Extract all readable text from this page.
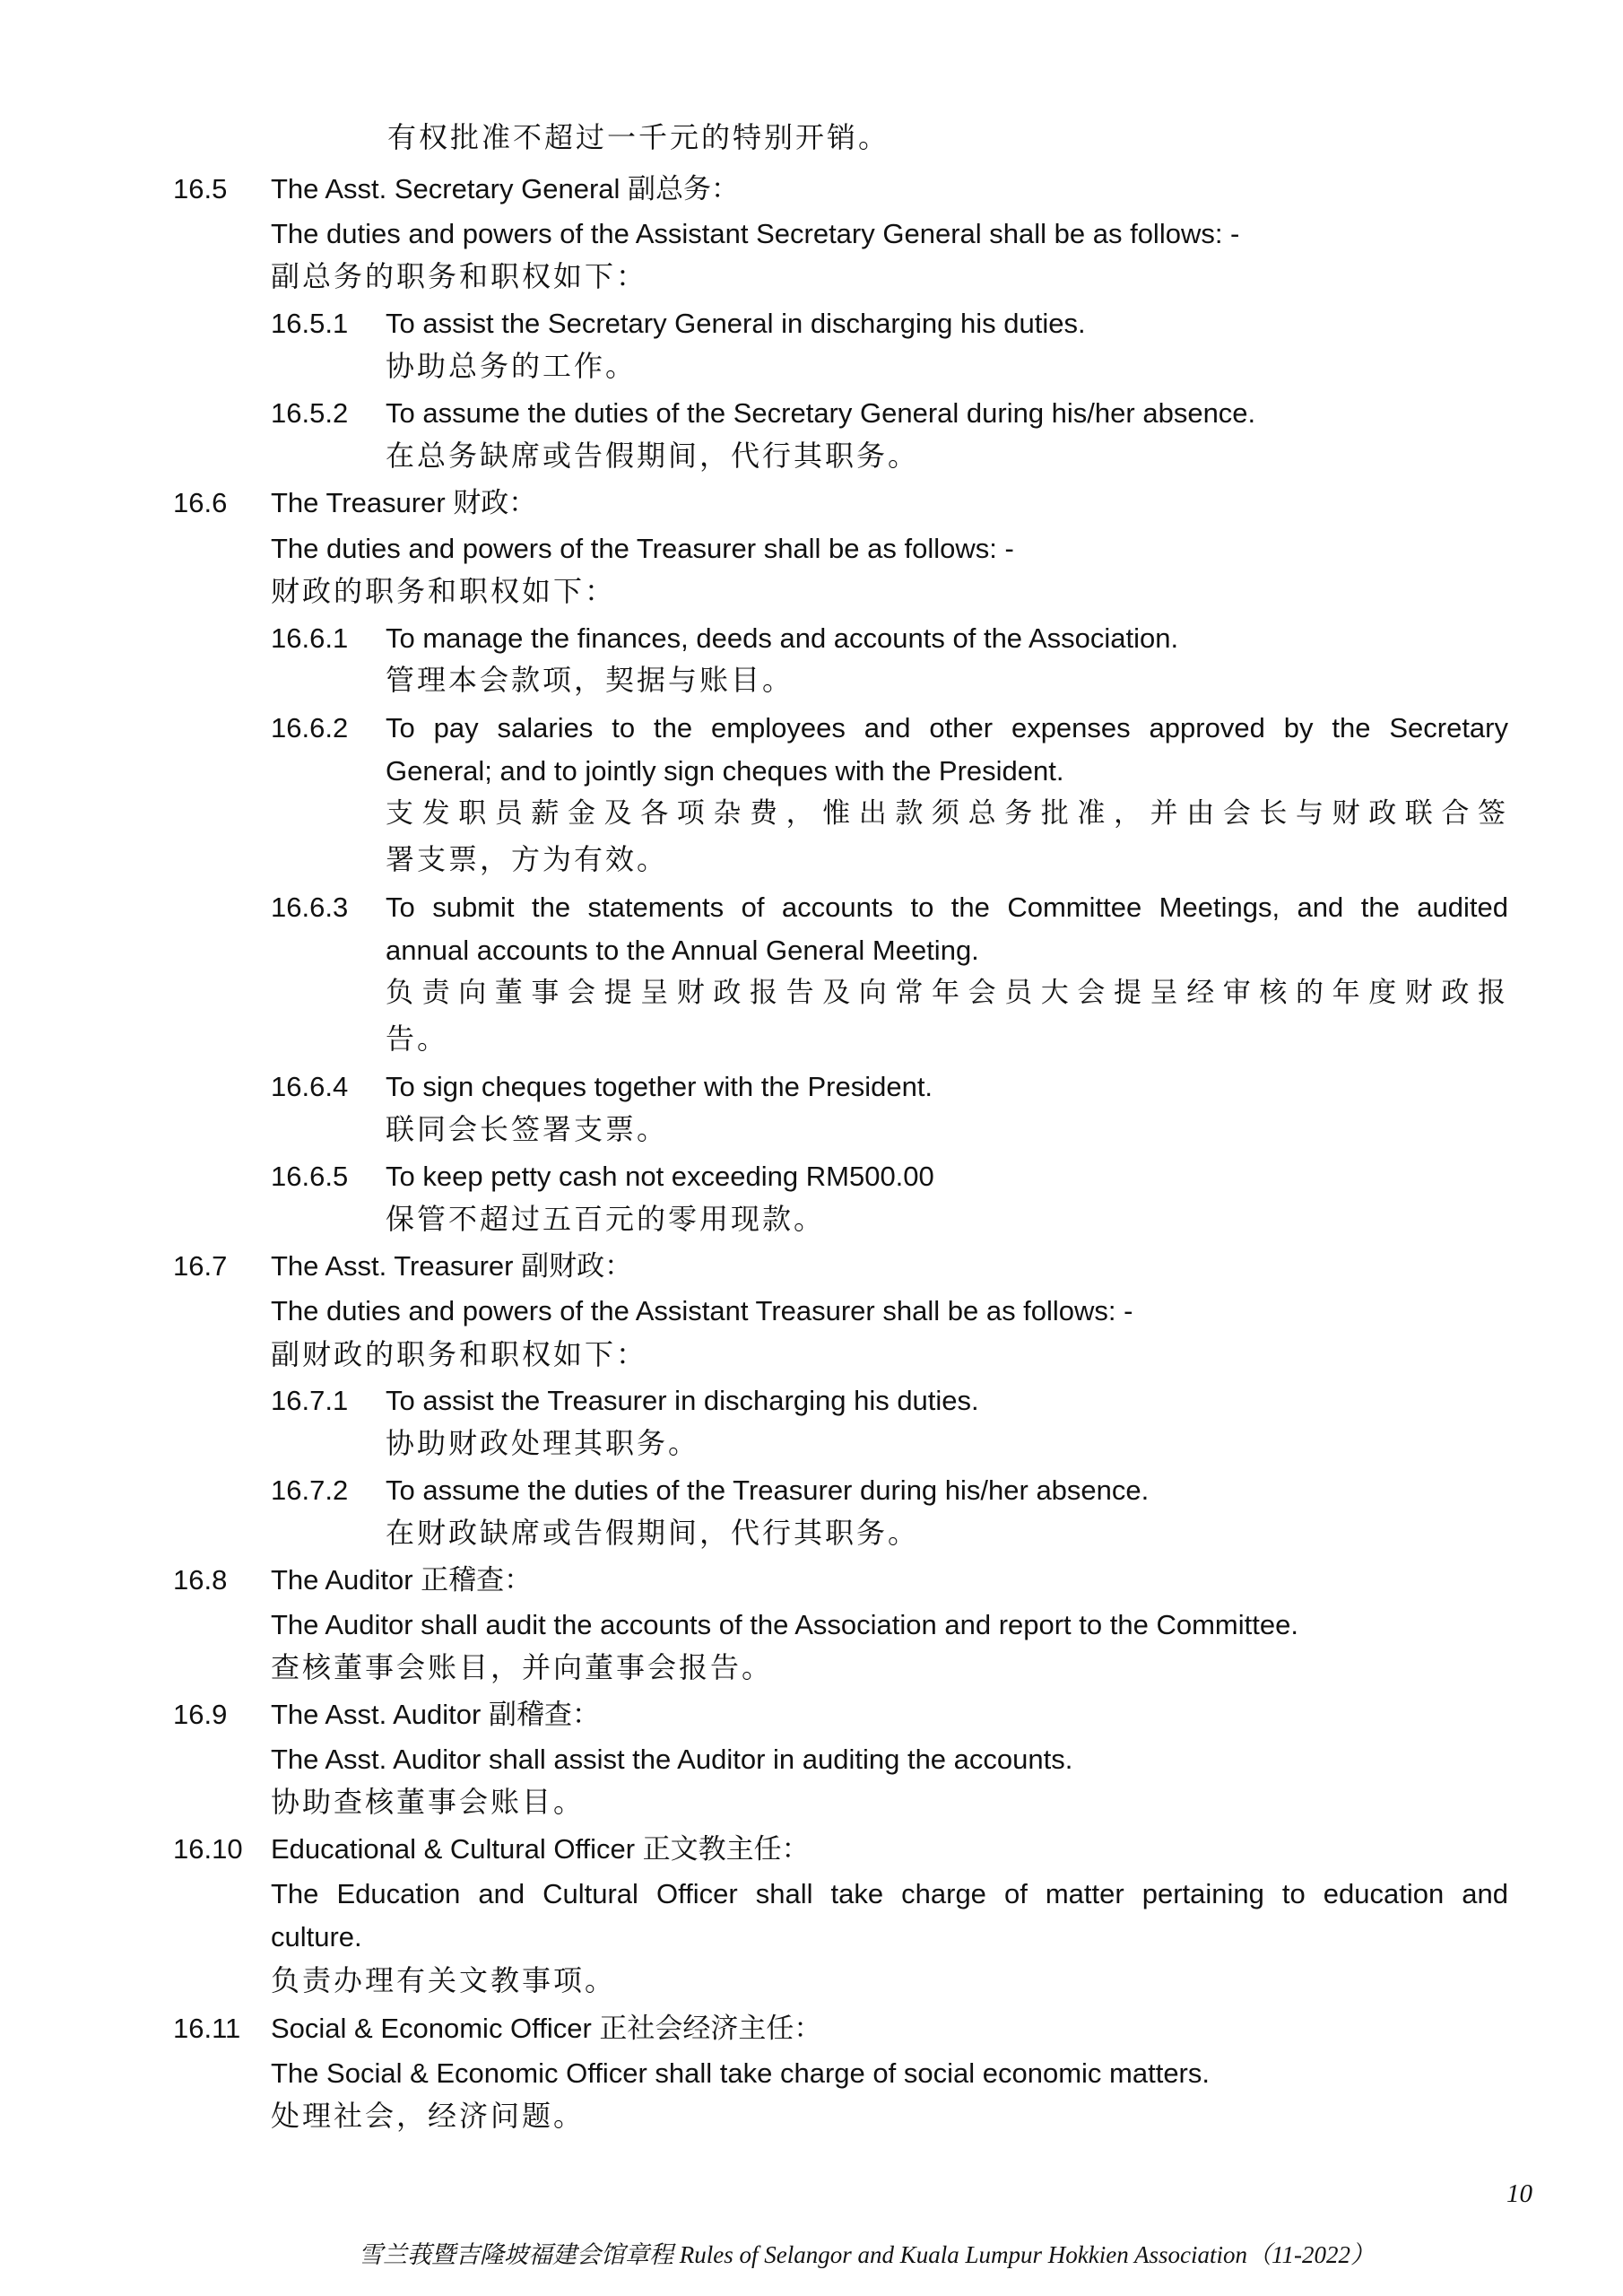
有权批准不超过一千元的特别开销。
16.5 The Asst. Secretary General 副总务：
The duties and powers of the Assistant Secretary General shall be as follows: -
副总务的职务和职权如下：
16.5.1 To assist the Secretary General in discharging his duties.
协助总务的工作。
16.5.2 To assume the duties of the Secretary General during his/her absence.
在总务缺席或告假期间，代行其职务。
16.6 The Treasurer 财政：
The duties and powers of the Treasurer shall be as follows: -
财政的职务和职权如下：
16.6.1 To manage the finances, deeds and accounts of the Association.
管理本会款项，契据与账目。
16.6.2 To pay salaries to the employees and other expenses approved by the Secretary
General; and to jointly sign cheques with the President.
支发职员薪金及各项杂费，惟出款须总务批准，并由会长与财政联合签
署支票，方为有效。
16.6.3 To submit the statements of accounts to the Committee Meetings, and the audited
annual accounts to the Annual General Meeting.
负责向董事会提呈财政报告及向常年会员大会提呈经审核的年度财政报
告。
16.6.4 To sign cheques together with the President.
联同会长签署支票。
16.6.5 To keep petty cash not exceeding RM500.00
保管不超过五百元的零用现款。
16.7 The Asst. Treasurer 副财政：
The duties and powers of the Assistant Treasurer shall be as follows: -
副财政的职务和职权如下：
16.7.1 To assist the Treasurer in discharging his duties.
协助财政处理其职务。
16.7.2 To assume the duties of the Treasurer during his/her absence.
在财政缺席或告假期间，代行其职务。
16.8 The Auditor 正稽查：
The Auditor shall audit the accounts of the Association and report to the Committee.
查核董事会账目，并向董事会报告。
16.9 The Asst. Auditor 副稽查：
The Asst. Auditor shall assist the Auditor in auditing the accounts.
协助查核董事会账目。
16.10 Educational & Cultural Officer 正文教主任：
The Education and Cultural Officer shall take charge of matter pertaining to education and
culture.
负责办理有关文教事项。
16.11 Social & Economic Officer 正社会经济主任：
The Social & Economic Officer shall take charge of social economic matters.
处理社会，经济问题。
10
雪兰莪暨吉隆坡福建会馆章程 Rules of Selangor and Kuala Lumpur Hokkien Association（11-2022）
